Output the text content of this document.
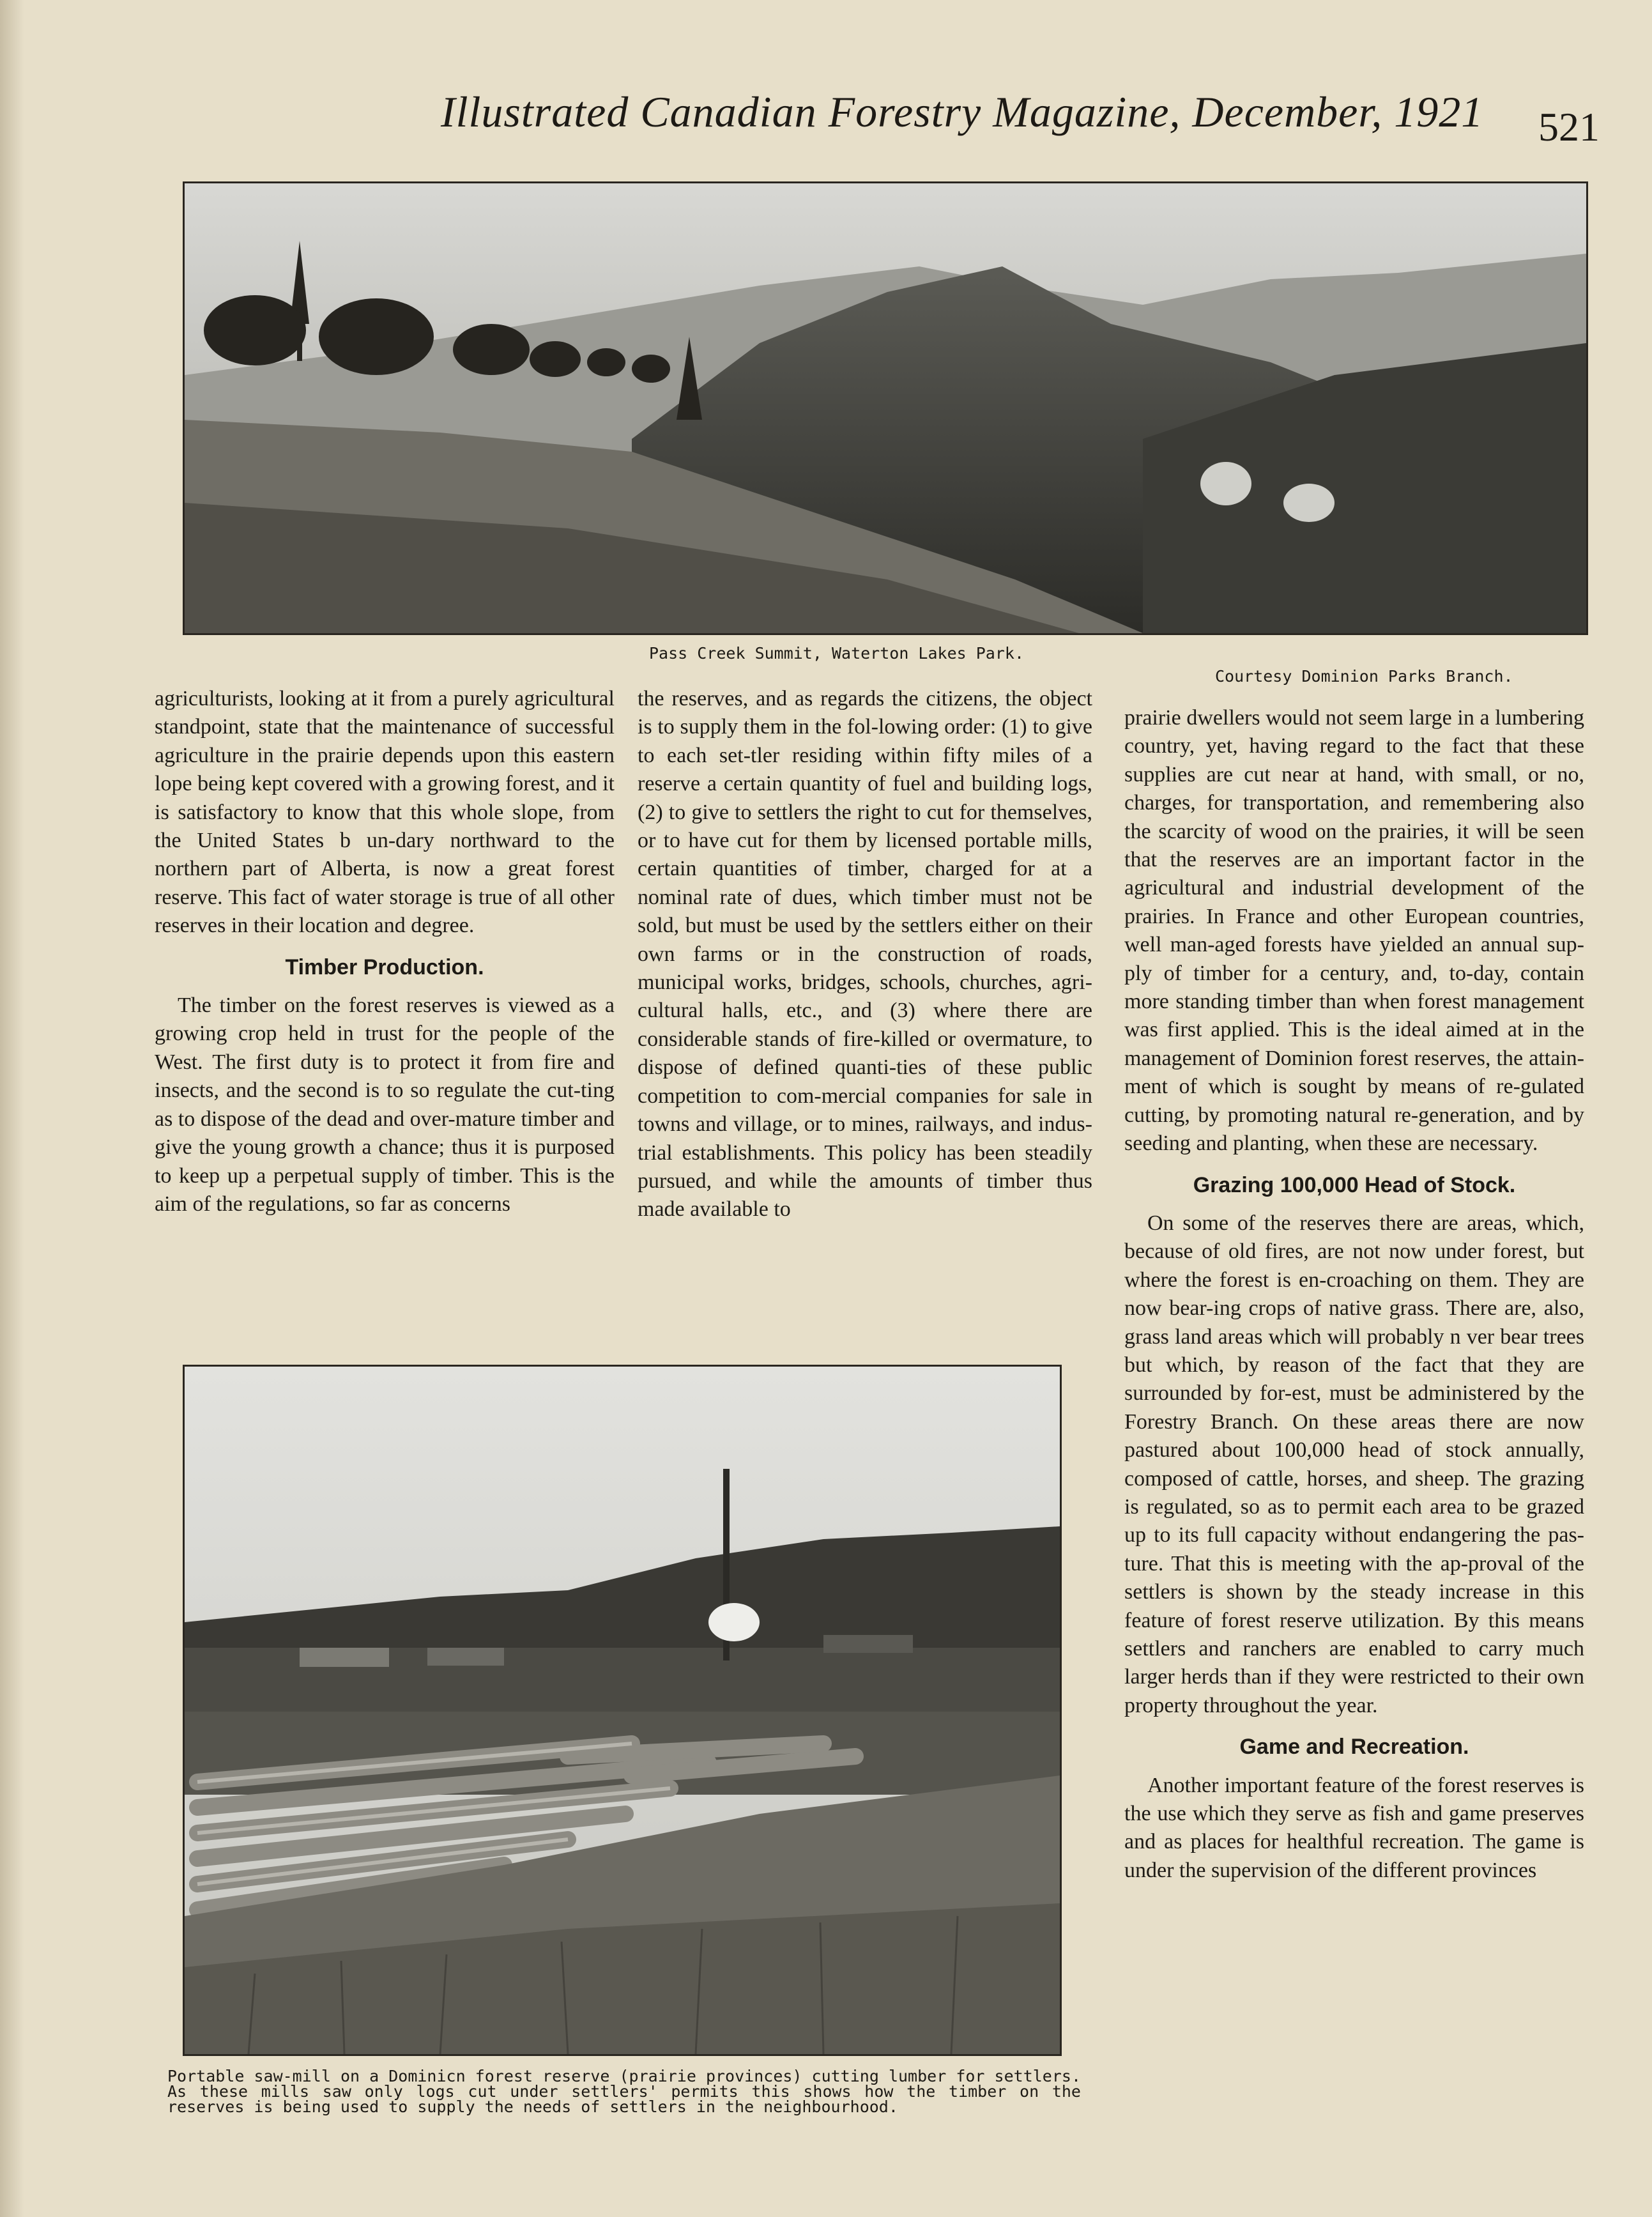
Illustrated Canadian Forestry Magazine, December, 1921 521
Pass Creek Summit, Waterton Lakes Park.
Courtesy Dominion Parks Branch.

agriculturists, looking at it from a purely agricultural standpoint, state that the maintenance of successful agriculture in the prairie depends upon this eastern lope being kept covered with a growing forest, and it is satisfactory to know that this whole slope, from the United States b un-dary northward to the northern part of Alberta, is now a great forest reserve. This fact of water storage is true of all other reserves in their location and degree.

Timber Production.

The timber on the forest reserves is viewed as a growing crop held in trust for the people of the West. The first duty is to protect it from fire and insects, and the second is to so regulate the cut-ting as to dispose of the dead and over-mature timber and give the young growth a chance; thus it is purposed to keep up a perpetual supply of timber. This is the aim of the regulations, so far as concerns

the reserves, and as regards the citizens, the object is to supply them in the fol-lowing order: (1) to give to each set-tler residing within fifty miles of a reserve a certain quantity of fuel and building logs, (2) to give to settlers the right to cut for themselves, or to have cut for them by licensed portable mills, certain quantities of timber, charged for at a nominal rate of dues, which timber must not be sold, but must be used by the settlers either on their own farms or in the construction of roads, municipal works, bridges, schools, churches, agri-cultural halls, etc., and (3) where there are considerable stands of fire-killed or overmature, to dispose of defined quanti-ties of these public competition to com-mercial companies for sale in towns and village, or to mines, railways, and indus-trial establishments. This policy has been steadily pursued, and while the amounts of timber thus made available to

prairie dwellers would not seem large in a lumbering country, yet, having regard to the fact that these supplies are cut near at hand, with small, or no, charges, for transportation, and remembering also the scarcity of wood on the prairies, it will be seen that the reserves are an important factor in the agricultural and industrial development of the prairies. In France and other European countries, well man-aged forests have yielded an annual sup-ply of timber for a century, and, to-day, contain more standing timber than when forest management was first applied. This is the ideal aimed at in the management of Dominion forest reserves, the attain-ment of which is sought by means of re-gulated cutting, by promoting natural re-generation, and by seeding and planting, when these are necessary.

Grazing 100,000 Head of Stock.

On some of the reserves there are areas, which, because of old fires, are not now under forest, but where the forest is en-croaching on them. They are now bear-ing crops of native grass. There are, also, grass land areas which will probably n ver bear trees but which, by reason of the fact that they are surrounded by for-est, must be administered by the Forestry Branch. On these areas there are now pastured about 100,000 head of stock annually, composed of cattle, horses, and sheep. The grazing is regulated, so as to permit each area to be grazed up to its full capacity without endangering the pas-ture. That this is meeting with the ap-proval of the settlers is shown by the steady increase in this feature of forest reserve utilization. By this means settlers and ranchers are enabled to carry much larger herds than if they were restricted to their own property throughout the year.

Game and Recreation.

Another important feature of the forest reserves is the use which they serve as fish and game preserves and as places for healthful recreation. The game is under the supervision of the different provinces

Portable saw-mill on a Dominicn forest reserve (prairie provinces) cutting lumber for settlers. As these mills saw only logs cut under settlers' permits this shows how the timber on the reserves is being used to supply the needs of settlers in the neighbourhood.
